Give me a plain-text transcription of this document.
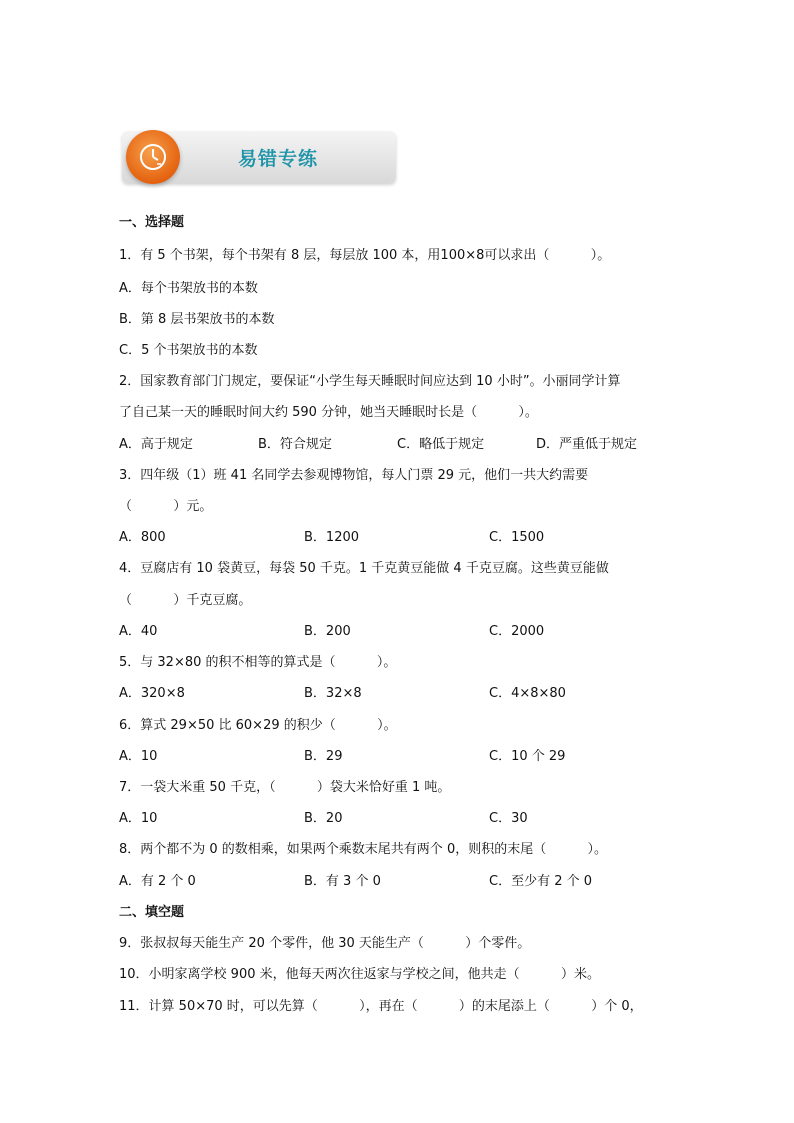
易错专练
一、选择题
1．有 5 个书架，每个书架有 8 层，每层放 100 本，用100×8可以求出（          ）。
A．每个书架放书的本数
B．第 8 层书架放书的本数
C．5 个书架放书的本数
2．国家教育部门门规定，要保证“小学生每天睡眠时间应达到 10 小时”。小丽同学计算
了自己某一天的睡眠时间大约 590 分钟，她当天睡眠时长是（          ）。
A．高于规定	B．符合规定	C．略低于规定	D．严重低于规定
3．四年级（1）班 41 名同学去参观博物馆，每人门票 29 元，他们一共大约需要
（          ）元。
A．800	B．1200	C．1500
4．豆腐店有 10 袋黄豆，每袋 50 千克。1 千克黄豆能做 4 千克豆腐。这些黄豆能做
（          ）千克豆腐。
A．40	B．200	C．2000
5．与 32×80 的积不相等的算式是（          ）。
A．320×8	B．32×8	C．4×8×80
6．算式 29×50 比 60×29 的积少（          ）。
A．10	B．29	C．10 个 29
7．一袋大米重 50 千克，（          ）袋大米恰好重 1 吨。
A．10	B．20	C．30
8．两个都不为 0 的数相乘，如果两个乘数末尾共有两个 0，则积的末尾（          ）。
A．有 2 个 0	B．有 3 个 0	C．至少有 2 个 0
二、填空题
9．张叔叔每天能生产 20 个零件，他 30 天能生产（          ）个零件。
10．小明家离学校 900 米，他每天两次往返家与学校之间，他共走（          ）米。
11．计算 50×70 时，可以先算（          ），再在（          ）的末尾添上（          ）个 0，
